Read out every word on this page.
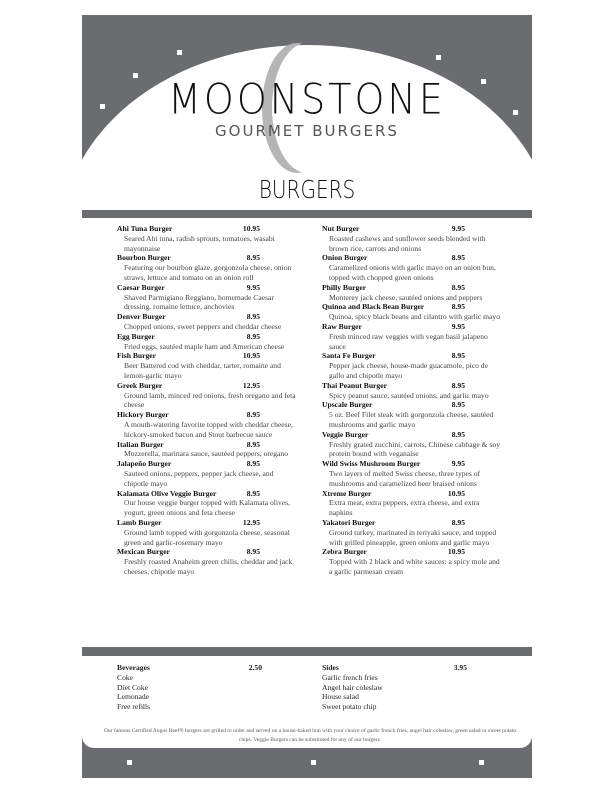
MOONSTONE
GOURMET BURGERS
BURGERS
Ahi Tuna Burger	10.95
Seared Ahi tuna, radish sprouts, tomatoes, wasabi mayonnaise
Bourbon Burger	8.95
Featuring our bourbon glaze, gorgonzola cheese, onion straws, lettuce and tomato on an onion roll
Caesar Burger	9.95
Shaved Parmigiano Reggiano, homemade Caesar dressing, romaine lettuce, anchovies
Denver Burger	8.95
Chopped onions, sweet peppers and cheddar cheese
Egg Burger	8.95
Fried eggs, sautéed maple ham and American cheese
Fish Burger	10.95
Beer Battered cod with cheddar, tarter, romaine and lemon-garlic mayo
Greek Burger	12.95
Ground lamb, minced red onions, fresh oregano and feta cheese
Hickory Burger	8.95
A mouth-watering favorite topped with cheddar cheese, hickory-smoked bacon and Stout barbecue sauce
Italian Burger	8.95
Mozzerella, marinara sauce, sautéed peppers, oregano
Jalapeño Burger	8.95
Sauteed onions, peppers, pepper jack cheese, and chipotle mayo
Kalamata Olive Veggie Burger	8.95
Our house veggie burger topped with Kalamata olives, yogurt, green onions and feta cheese
Lamb Burger	12.95
Ground lamb topped with gorgonzola cheese, seasonal green and garlic-rosemary mayo
Mexican Burger	8.95
Freshly roasted Anaheim green chilis, cheddar and jack cheeses, chipotle mayo
Nut Burger	9.95
Roasted cashews and sunflower seeds blended with brown rice, carrots and onions
Onion Burger	8.95
Caramelized onions with garlic mayo on an onion bun, topped with chopped green onions
Philly Burger	8.95
Monterey jack cheese, sautéed onions and peppers
Quinoa and Black Bean Burger	8.95
Quinoa, spicy black beans and cilantro with garlic mayo
Raw Burger	9.95
Fresh minced raw veggies with vegan basil jalapeno sauce
Santa Fe Burger	8.95
Pepper jack cheese, house-made guacamole, pico de gallo and chipotle mayo
Thai Peanut Burger	8.95
Spicy peanut sauce, sautéed onions, and garlic mayo
Upscale Burger	8.95
5 oz. Beef Filet steak with gorgonzola cheese, sautéed mushrooms and garlic mayo
Veggie Burger	8.95
Freshly grated zucchini, carrots, Chinese cabbage & soy protein bound with veganaise
Wild Swiss Mushroom Burger	9.95
Two layers of melted Swiss cheese, three types of mushrooms and caramelized beer braised onions
Xtreme Burger	10.95
Extra meat, extra peppers, extra cheese, and extra napkins
Yakatori Burger	8.95
Ground turkey, marinated in teriyaki sauce, and topped with grilled pineapple, green onions and garlic mayo
Zebra Burger	10.95
Topped with 2 black and white sauces: a spicy mole and a garlic parmesan cream
Beverages	2.50
Coke
Diet Coke
Lemonade
Free refills
Sides	3.95
Garlic french fries
Angel hair coleslaw
House salad
Sweet potato chip
Our famous Certified Angus Beef® burgers are grilled to order and served on a house-baked bun with your choice of garlic french fries, angel hair coleslaw, green salad or sweet potato chips. Veggie Burgers can be substituted for any of our burgers.
